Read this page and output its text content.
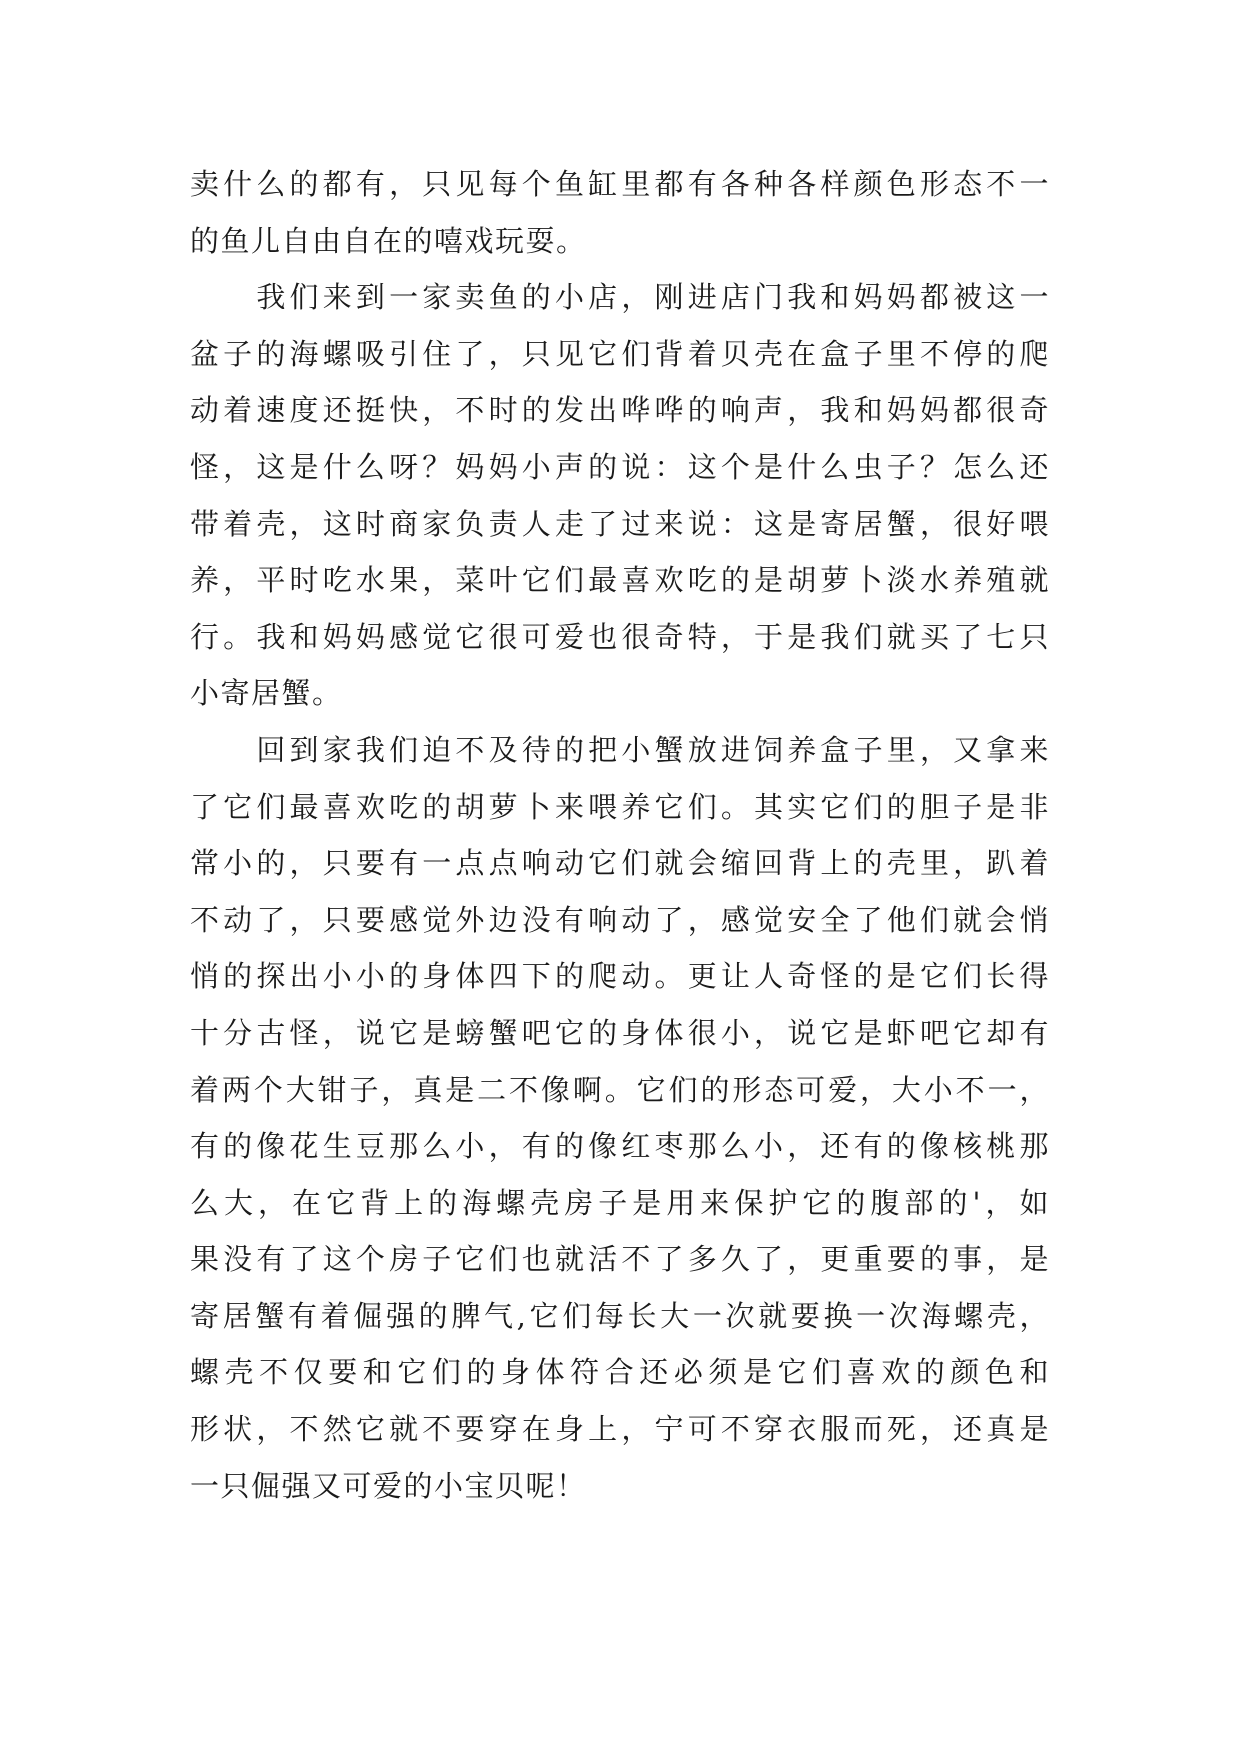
卖什么的都有，只见每个鱼缸里都有各种各样颜色形态不一
的鱼儿自由自在的嘻戏玩耍。
　　我们来到一家卖鱼的小店，刚进店门我和妈妈都被这一
盆子的海螺吸引住了，只见它们背着贝壳在盒子里不停的爬
动着速度还挺快，不时的发出哗哗的响声，我和妈妈都很奇
怪，这是什么呀？妈妈小声的说：这个是什么虫子？怎么还
带着壳，这时商家负责人走了过来说：这是寄居蟹，很好喂
养，平时吃水果，菜叶它们最喜欢吃的是胡萝卜淡水养殖就
行。我和妈妈感觉它很可爱也很奇特，于是我们就买了七只
小寄居蟹。
　　回到家我们迫不及待的把小蟹放进饲养盒子里，又拿来
了它们最喜欢吃的胡萝卜来喂养它们。其实它们的胆子是非
常小的，只要有一点点响动它们就会缩回背上的壳里，趴着
不动了，只要感觉外边没有响动了，感觉安全了他们就会悄
悄的探出小小的身体四下的爬动。更让人奇怪的是它们长得
十分古怪，说它是螃蟹吧它的身体很小，说它是虾吧它却有
着两个大钳子，真是二不像啊。它们的形态可爱，大小不一，
有的像花生豆那么小，有的像红枣那么小，还有的像核桃那
么大，在它背上的海螺壳房子是用来保护它的腹部的'，如
果没有了这个房子它们也就活不了多久了，更重要的事，是
寄居蟹有着倔强的脾气,它们每长大一次就要换一次海螺壳，
螺壳不仅要和它们的身体符合还必须是它们喜欢的颜色和
形状，不然它就不要穿在身上，宁可不穿衣服而死，还真是
一只倔强又可爱的小宝贝呢！
